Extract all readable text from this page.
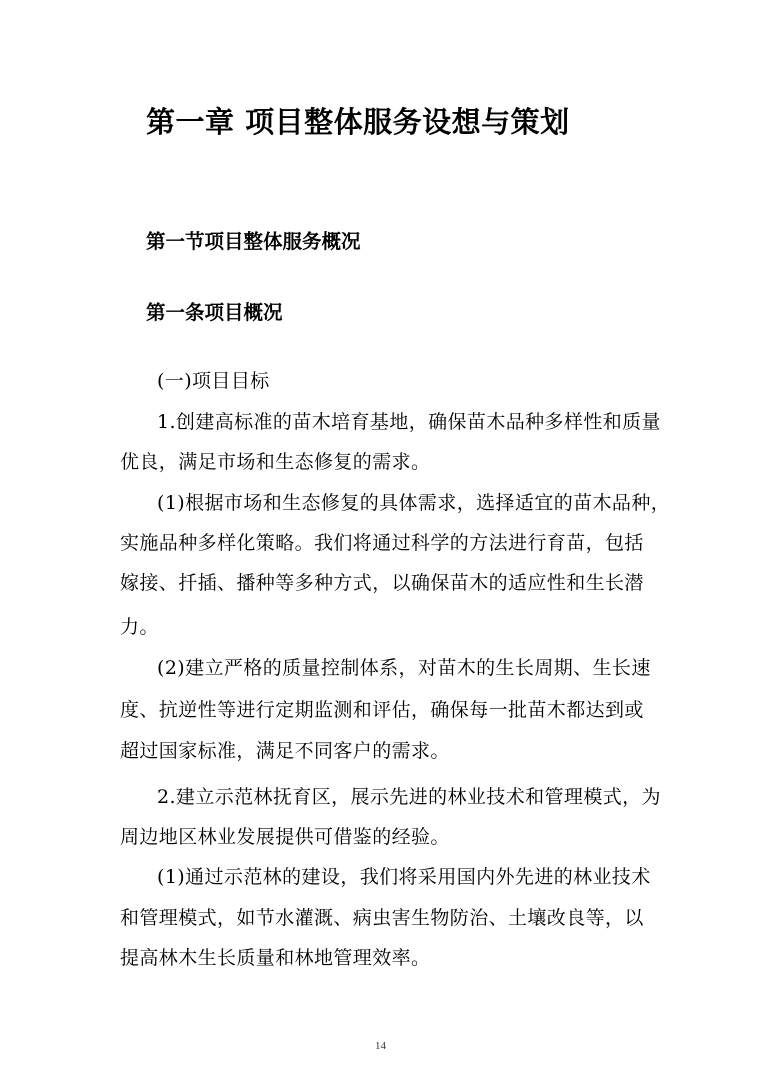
第一章 项目整体服务设想与策划
第一节项目整体服务概况
第一条项目概况
(一)项目目标
1.创建高标准的苗木培育基地，确保苗木品种多样性和质量
优良，满足市场和生态修复的需求。
(1)根据市场和生态修复的具体需求，选择适宜的苗木品种，
实施品种多样化策略。我们将通过科学的方法进行育苗，包括
嫁接、扦插、播种等多种方式，以确保苗木的适应性和生长潜
力。
(2)建立严格的质量控制体系，对苗木的生长周期、生长速
度、抗逆性等进行定期监测和评估，确保每一批苗木都达到或
超过国家标准，满足不同客户的需求。
2.建立示范林抚育区，展示先进的林业技术和管理模式，为
周边地区林业发展提供可借鉴的经验。
(1)通过示范林的建设，我们将采用国内外先进的林业技术
和管理模式，如节水灌溉、病虫害生物防治、土壤改良等，以
提高林木生长质量和林地管理效率。
14
